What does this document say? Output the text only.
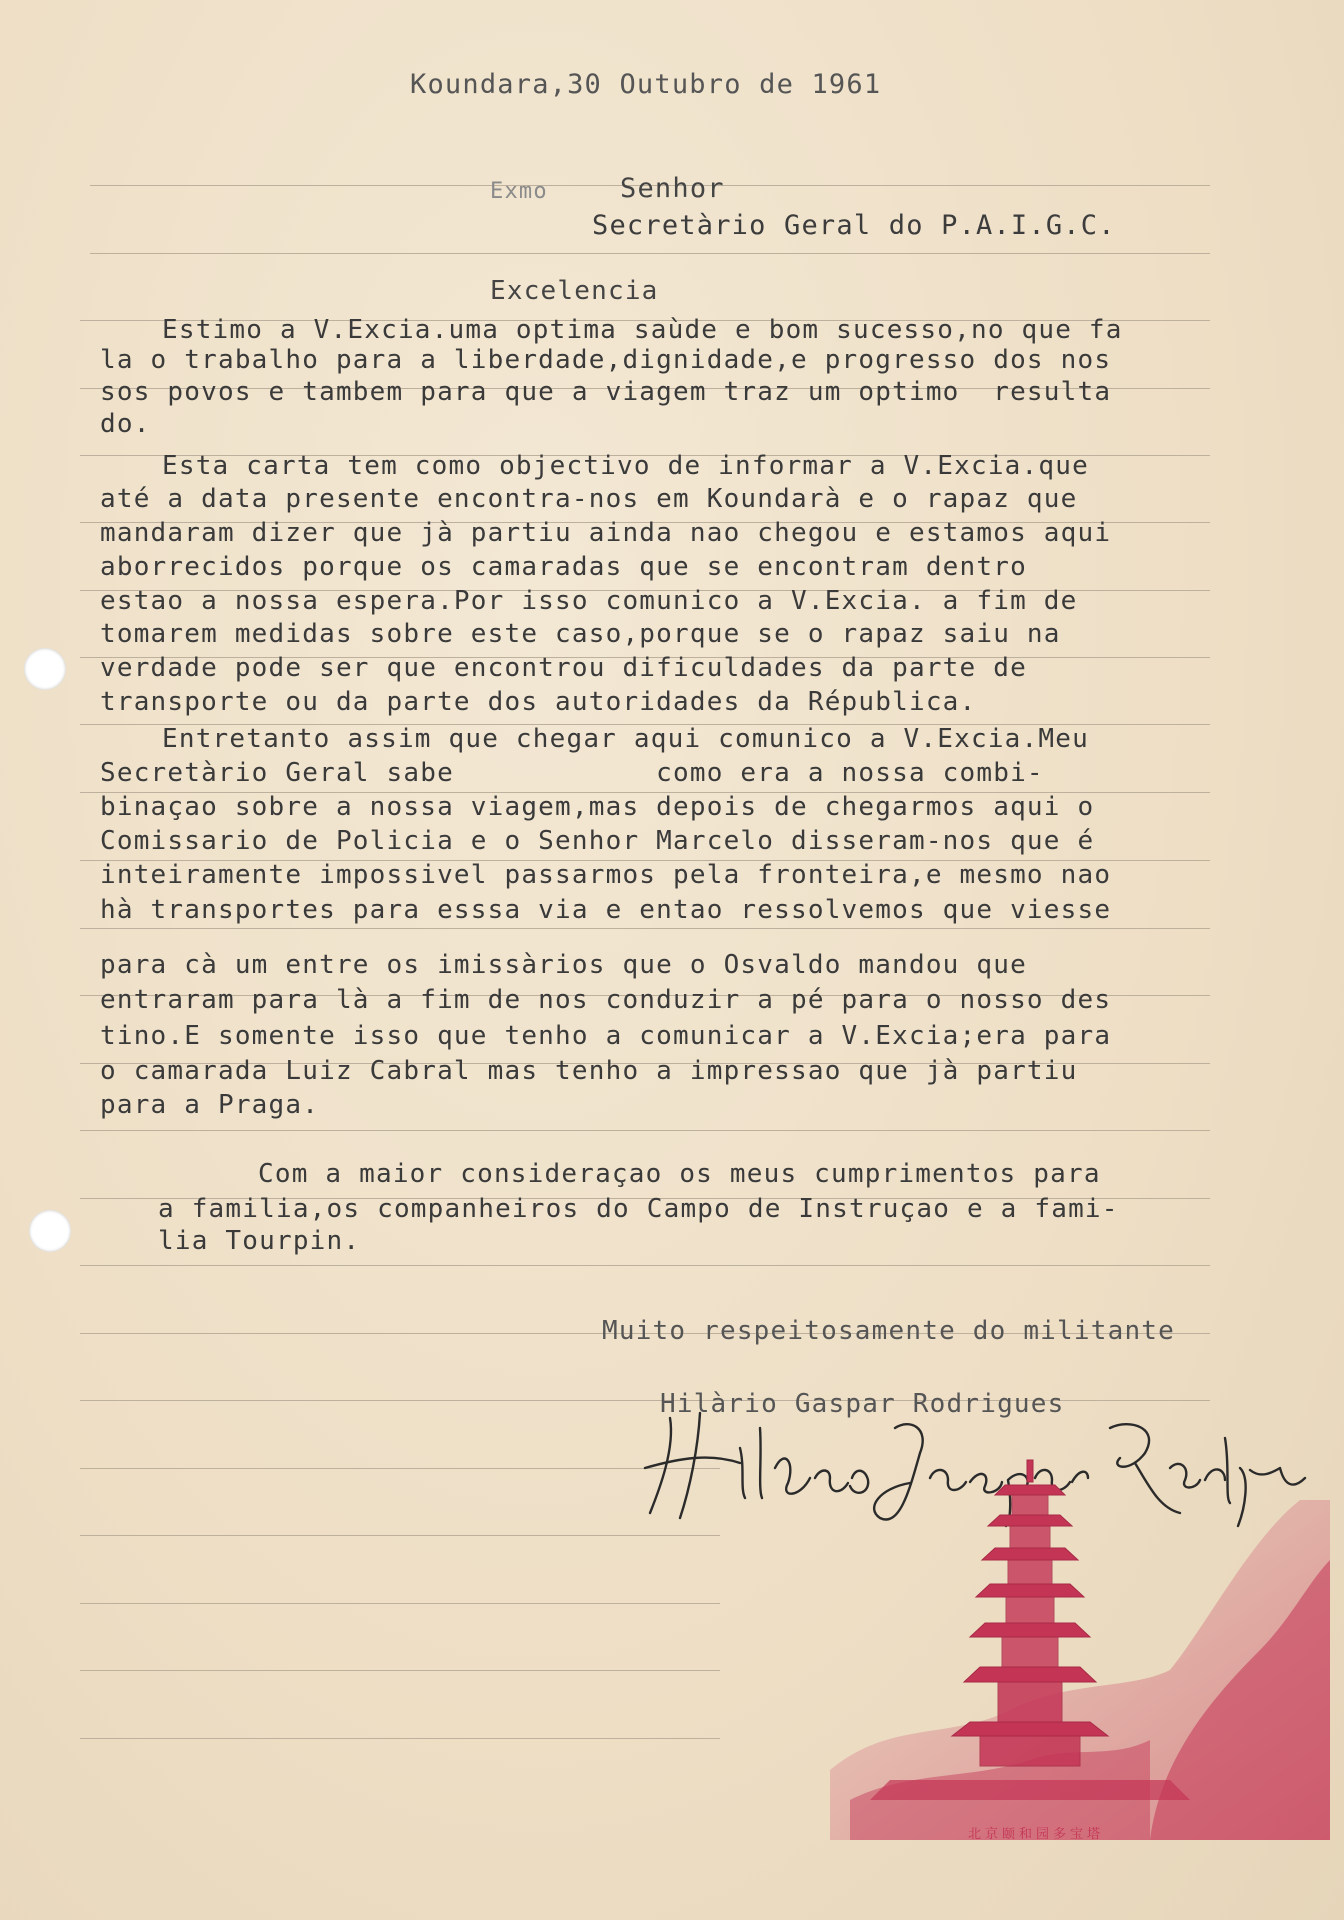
Koundara,30 Outubro de 1961
Exmo	Senhor
Secretàrio Geral do P.A.I.G.C.
Excelencia
Estimo a V.Excia.uma optima saùde e bom sucesso,no que fa
la o trabalho para a liberdade,dignidade,e progresso dos nos
sos povos e tambem para que a viagem traz um optimo  resulta
do.
Esta carta tem como objectivo de informar a V.Excia.que
até a data presente encontra-nos em Koundarà e o rapaz que
mandaram dizer que jà partiu ainda nao chegou e estamos aqui
aborrecidos porque os camaradas que se encontram dentro
estao a nossa espera.Por isso comunico a V.Excia. a fim de
tomarem medidas sobre este caso,porque se o rapaz saiu na
verdade pode ser que encontrou dificuldades da parte de
transporte ou da parte dos autoridades da Républica.
Entretanto assim que chegar aqui comunico a V.Excia.Meu
Secretàrio Geral sabe            como era a nossa combi-
binaçao sobre a nossa viagem,mas depois de chegarmos aqui o
Comissario de Policia e o Senhor Marcelo disseram-nos que é
inteiramente impossivel passarmos pela fronteira,e mesmo nao
hà transportes para esssa via e entao ressolvemos que viesse
para cà um entre os imissàrios que o Osvaldo mandou que
entraram para là a fim de nos conduzir a pé para o nosso des
tino.E somente isso que tenho a comunicar a V.Excia;era para
o camarada Luiz Cabral mas tenho a impressao que jà partiu
para a Praga.
Com a maior consideraçao os meus cumprimentos para
a familia,os companheiros do Campo de Instruçao e a fami-
lia Tourpin.
Muito respeitosamente do militante
Hilàrio Gaspar Rodrigues
北京颐和园多宝塔
